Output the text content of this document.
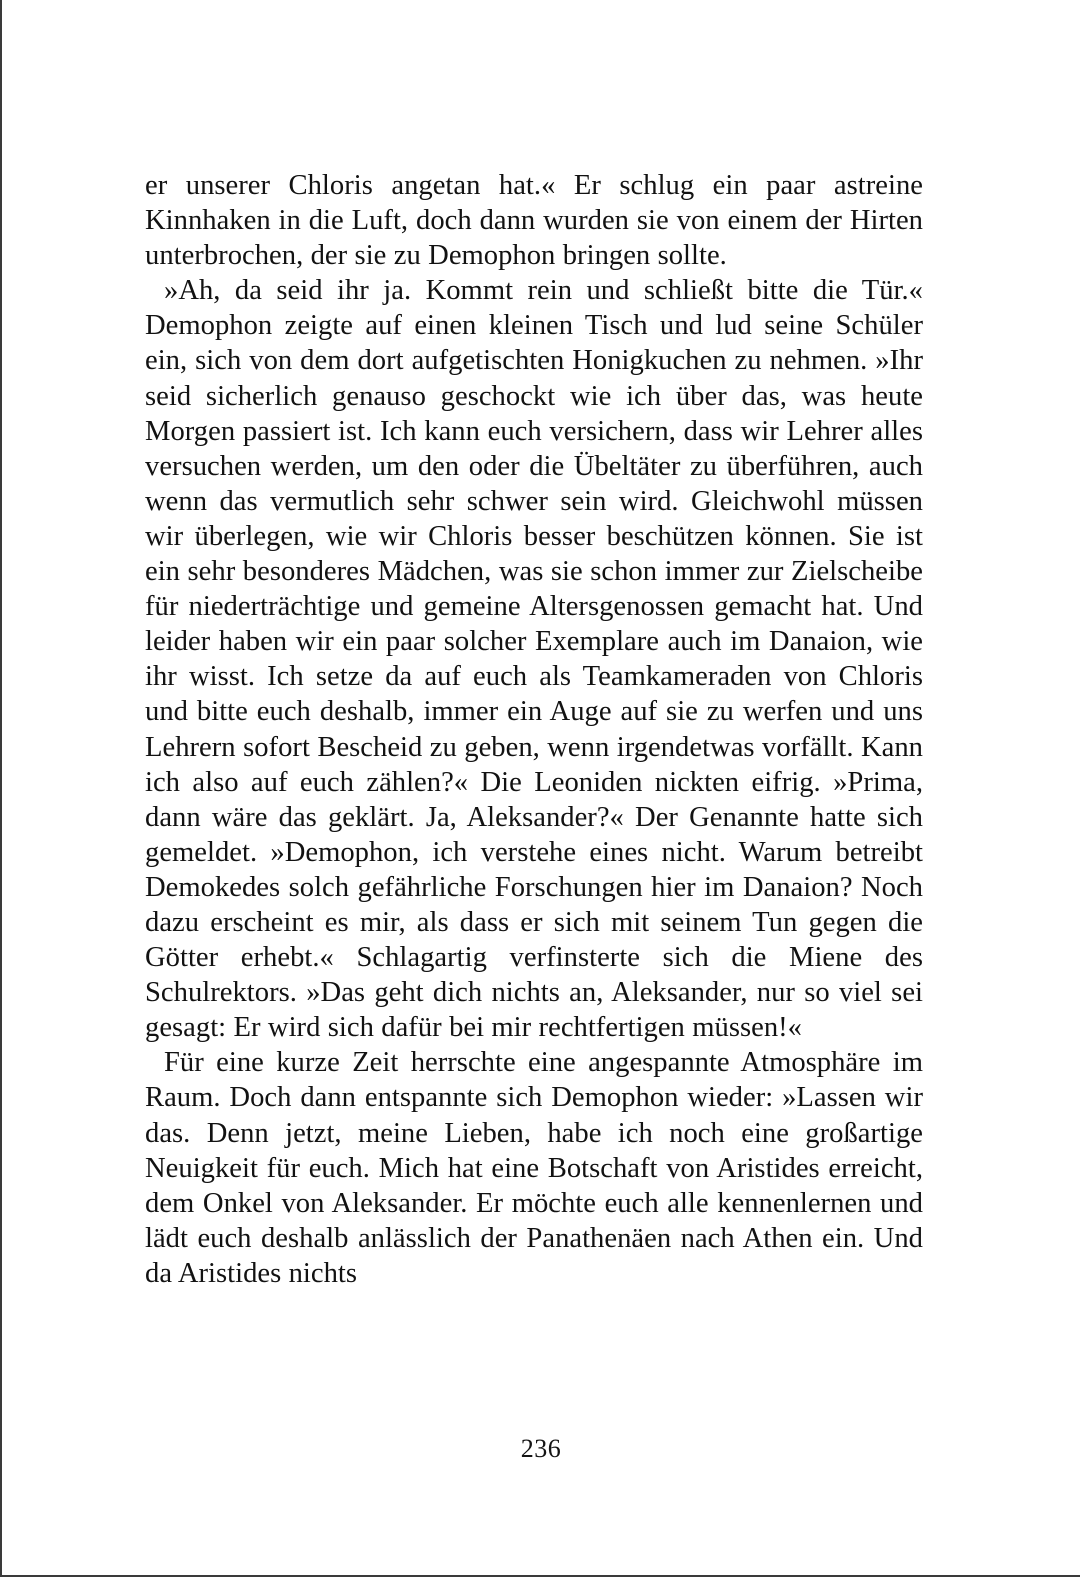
er unserer Chloris angetan hat.« Er schlug ein paar astreine Kinnhaken in die Luft, doch dann wurden sie von einem der Hirten unterbrochen, der sie zu Demophon bringen sollte.

»Ah, da seid ihr ja. Kommt rein und schließt bitte die Tür.« Demophon zeigte auf einen kleinen Tisch und lud seine Schüler ein, sich von dem dort aufgetischten Honigkuchen zu nehmen. »Ihr seid sicherlich genauso geschockt wie ich über das, was heute Morgen passiert ist. Ich kann euch versichern, dass wir Lehrer alles versuchen werden, um den oder die Übeltäter zu überführen, auch wenn das vermutlich sehr schwer sein wird. Gleichwohl müssen wir überlegen, wie wir Chloris besser beschützen können. Sie ist ein sehr besonderes Mädchen, was sie schon immer zur Zielscheibe für niederträchtige und gemeine Altersgenossen gemacht hat. Und leider haben wir ein paar solcher Exemplare auch im Danaion, wie ihr wisst. Ich setze da auf euch als Teamkameraden von Chloris und bitte euch deshalb, immer ein Auge auf sie zu werfen und uns Lehrern sofort Bescheid zu geben, wenn irgendetwas vorfällt. Kann ich also auf euch zählen?« Die Leoniden nickten eifrig. »Prima, dann wäre das geklärt. Ja, Aleksander?« Der Genannte hatte sich gemeldet. »Demophon, ich verstehe eines nicht. Warum betreibt Demokedes solch gefährliche Forschungen hier im Danaion? Noch dazu erscheint es mir, als dass er sich mit seinem Tun gegen die Götter erhebt.« Schlagartig verfinsterte sich die Miene des Schulrektors. »Das geht dich nichts an, Aleksander, nur so viel sei gesagt: Er wird sich dafür bei mir rechtfertigen müssen!«

Für eine kurze Zeit herrschte eine angespannte Atmosphäre im Raum. Doch dann entspannte sich Demophon wieder: »Lassen wir das. Denn jetzt, meine Lieben, habe ich noch eine großartige Neuigkeit für euch. Mich hat eine Botschaft von Aristides erreicht, dem Onkel von Aleksander. Er möchte euch alle kennenlernen und lädt euch deshalb anlässlich der Panathenäen nach Athen ein. Und da Aristides nichts

236
